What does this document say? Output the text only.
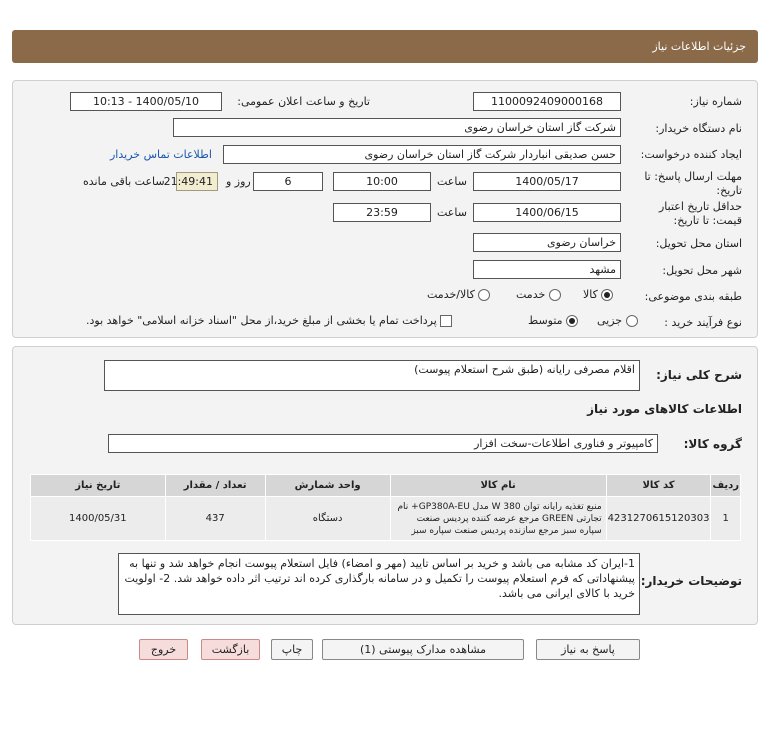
جزئیات اطلاعات نیاز
شماره نیاز:
1100092409000168
تاریخ و ساعت اعلان عمومی:
1400/05/10 - 10:13
نام دستگاه خریدار:
شرکت گاز استان خراسان رضوی
ایجاد کننده درخواست:
حسن صدیقی انباردار شرکت گاز استان خراسان رضوی
اطلاعات تماس خریدار
مهلت ارسال پاسخ: تا
تاریخ:
1400/05/17
ساعت
10:00
6
روز و
21:49:41
ساعت باقی مانده
حداقل تاریخ اعتبار
قیمت: تا تاریخ:
1400/06/15
ساعت
23:59
استان محل تحویل:
خراسان رضوی
شهر محل تحویل:
مشهد
طبقه بندی موضوعی:
کالا
خدمت
کالا/خدمت
نوع فرآیند خرید :
جزیی
متوسط
پرداخت تمام یا بخشی از مبلغ خرید،از محل "اسناد خزانه اسلامی" خواهد بود.
شرح کلی نیاز:
اقلام مصرفی رایانه (طبق شرح استعلام پیوست)
اطلاعات کالاهای مورد نیاز
گروه کالا:
کامپیوتر و فناوری اطلاعات-سخت افزار
ردیف	کد کالا	نام کالا	واحد شمارش	تعداد / مقدار	تاریخ نیاز
1	4231270615120303	منبع تغذیه رایانه توان 380 W مدل GP380A-EU+ نام تجارتی GREEN مرجع عرضه کننده پردیس صنعت سپاره سبز مرجع سازنده پردیس صنعت سپاره سبز	دستگاه	437	1400/05/31
توضیحات خریدار:
1-ایران کد مشابه می باشد و خرید بر اساس تایید (مهر و امضاء) فایل استعلام پیوست انجام خواهد شد و تنها به پیشنهاداتی که فرم استعلام پیوست را تکمیل و در سامانه بارگذاری کرده اند ترتیب اثر داده خواهد شد. 2- اولویت خرید با کالای ایرانی می باشد.
پاسخ به نیاز
مشاهده مدارک پیوستی (1)
چاپ
بازگشت
خروج
